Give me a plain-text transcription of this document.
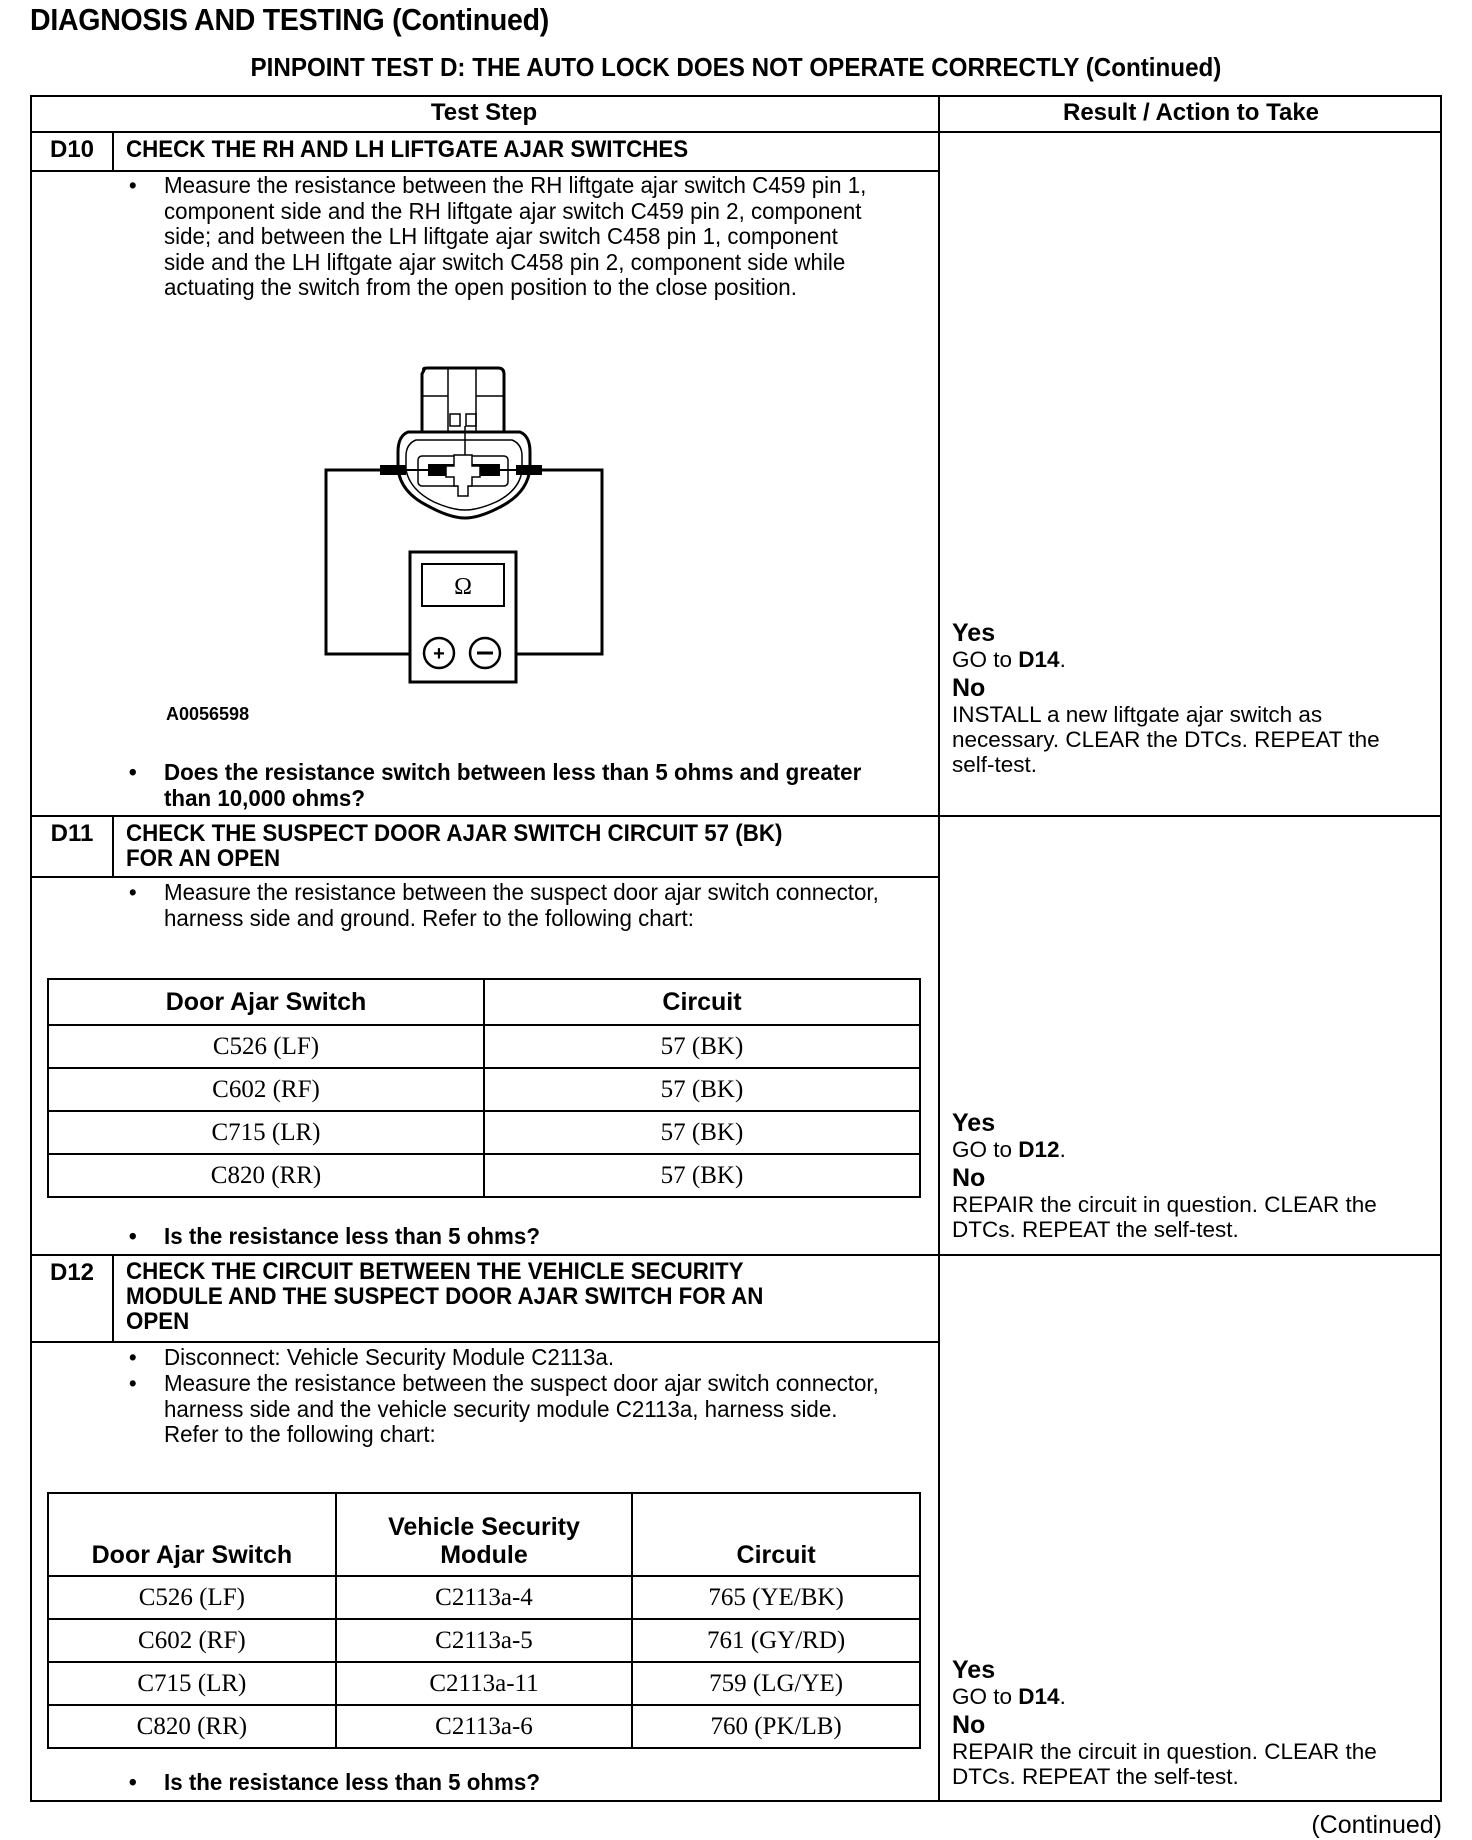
DIAGNOSIS AND TESTING (Continued)
PINPOINT TEST D: THE AUTO LOCK DOES NOT OPERATE CORRECTLY (Continued)
Test Step	Result / Action to Take
D10	CHECK THE RH AND LH LIFTGATE AJAR SWITCHES
• Measure the resistance between the RH liftgate ajar switch C459 pin 1, component side and the RH liftgate ajar switch C459 pin 2, component side; and between the LH liftgate ajar switch C458 pin 1, component side and the LH liftgate ajar switch C458 pin 2, component side while actuating the switch from the open position to the close position.
Ω
+
A0056598
• Does the resistance switch between less than 5 ohms and greater than 10,000 ohms?
Yes
GO to D14.
No
INSTALL a new liftgate ajar switch as necessary. CLEAR the DTCs. REPEAT the self-test.
D11	CHECK THE SUSPECT DOOR AJAR SWITCH CIRCUIT 57 (BK)
FOR AN OPEN
• Measure the resistance between the suspect door ajar switch connector, harness side and ground. Refer to the following chart:
Door Ajar Switch	Circuit
C526 (LF)	57 (BK)
C602 (RF)	57 (BK)
C715 (LR)	57 (BK)
C820 (RR)	57 (BK)
• Is the resistance less than 5 ohms?
Yes
GO to D12.
No
REPAIR the circuit in question. CLEAR the DTCs. REPEAT the self-test.
D12	CHECK THE CIRCUIT BETWEEN THE VEHICLE SECURITY
MODULE AND THE SUSPECT DOOR AJAR SWITCH FOR AN
OPEN
• Disconnect: Vehicle Security Module C2113a.
• Measure the resistance between the suspect door ajar switch connector, harness side and the vehicle security module C2113a, harness side. Refer to the following chart:
Door Ajar Switch	Vehicle Security Module	Circuit
C526 (LF)	C2113a-4	765 (YE/BK)
C602 (RF)	C2113a-5	761 (GY/RD)
C715 (LR)	C2113a-11	759 (LG/YE)
C820 (RR)	C2113a-6	760 (PK/LB)
• Is the resistance less than 5 ohms?
Yes
GO to D14.
No
REPAIR the circuit in question. CLEAR the DTCs. REPEAT the self-test.
(Continued)
